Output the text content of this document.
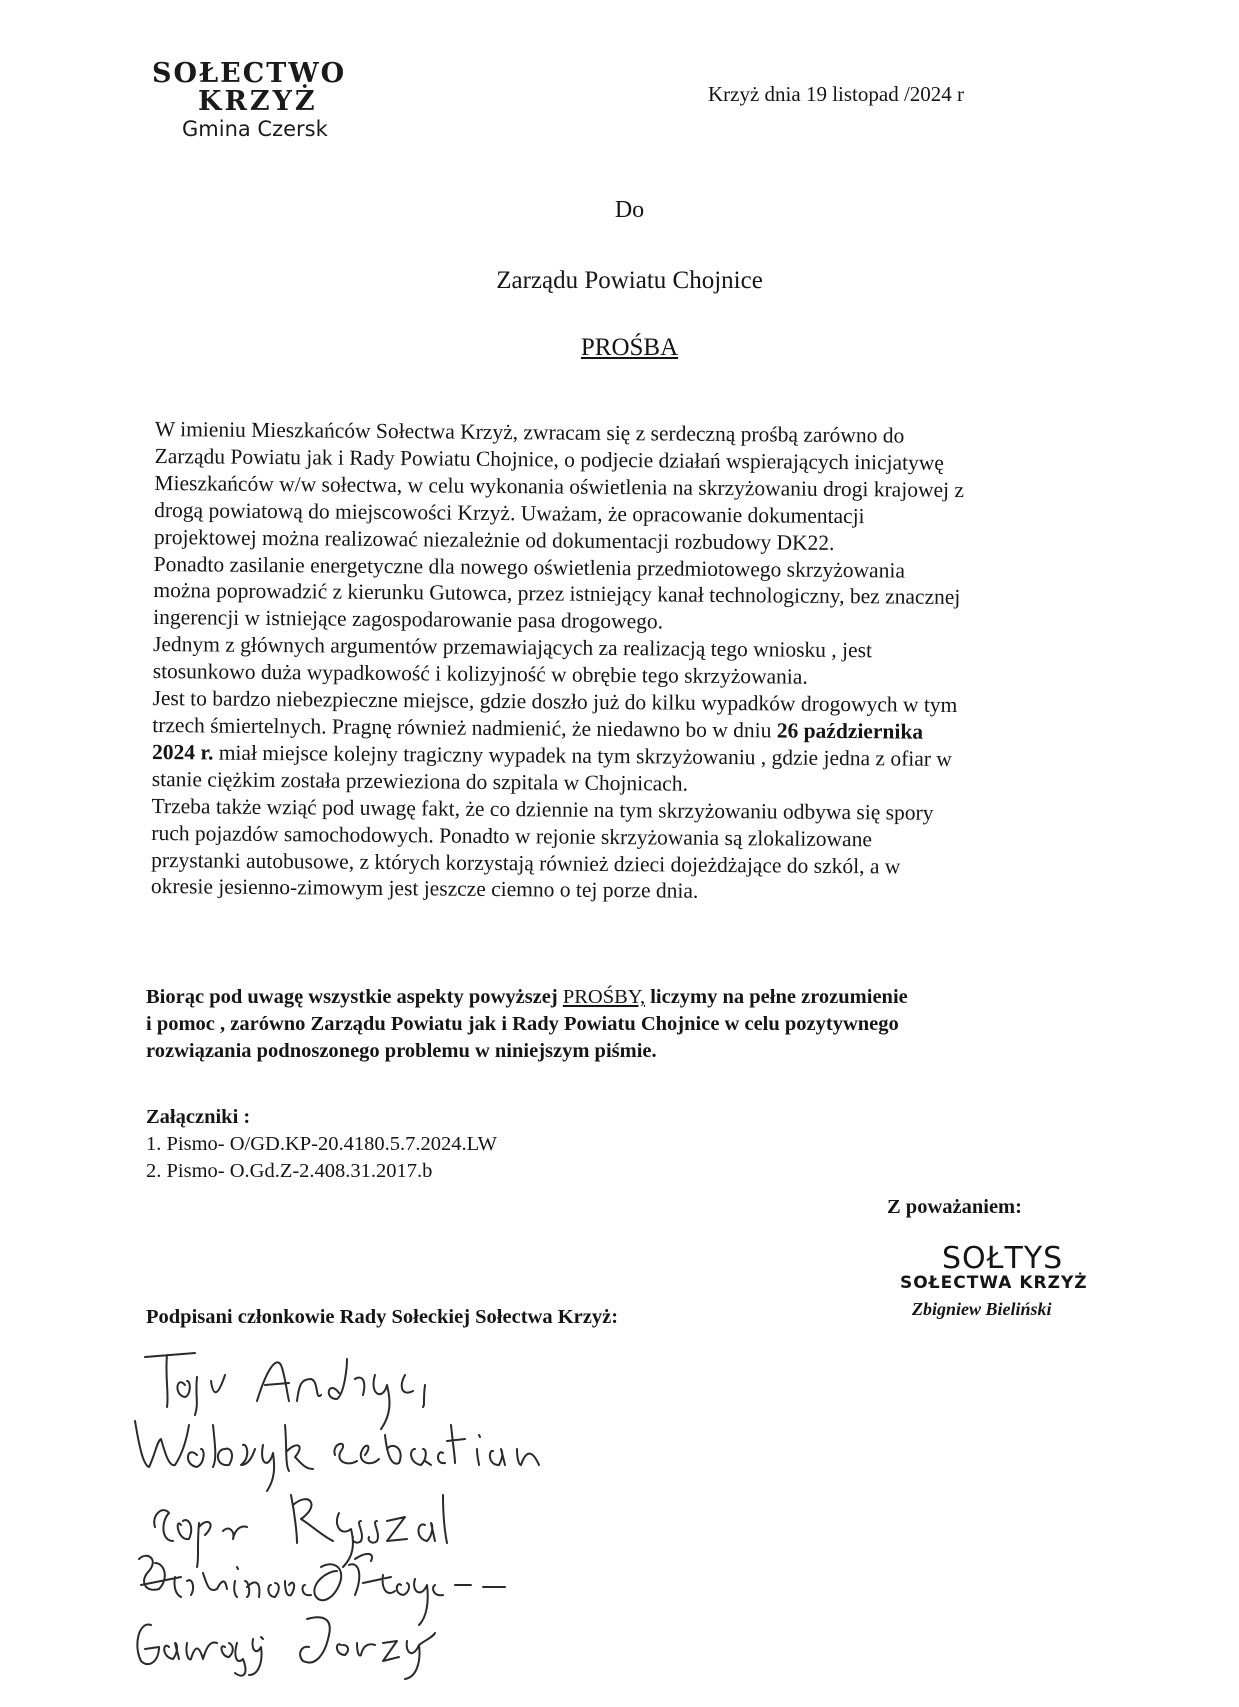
SOŁECTWO
KRZYŻ
Gmina Czersk
Krzyż dnia 19 listopad /2024 r
Do
Zarządu Powiatu Chojnice
PROŚBA

W imieniu Mieszkańców Sołectwa Krzyż, zwracam się z serdeczną prośbą zarówno do

Zarządu Powiatu jak i Rady Powiatu Chojnice, o podjecie działań wspierających inicjatywę

Mieszkańców w/w sołectwa, w celu wykonania oświetlenia na skrzyżowaniu drogi krajowej z

drogą powiatową do miejscowości Krzyż. Uważam, że opracowanie dokumentacji

projektowej można realizować niezależnie od dokumentacji rozbudowy DK22.

Ponadto zasilanie energetyczne dla nowego oświetlenia przedmiotowego skrzyżowania

można poprowadzić z kierunku Gutowca, przez istniejący kanał technologiczny, bez znacznej

ingerencji w istniejące zagospodarowanie pasa drogowego.

Jednym z głównych argumentów przemawiających za realizacją tego wniosku , jest

stosunkowo duża wypadkowość i kolizyjność w obrębie tego skrzyżowania.

Jest to bardzo niebezpieczne miejsce, gdzie doszło już do kilku wypadków drogowych w tym

trzech śmiertelnych. Pragnę również nadmienić, że niedawno bo w dniu 26 października

2024 r. miał miejsce kolejny tragiczny wypadek na tym skrzyżowaniu , gdzie jedna z ofiar w

stanie ciężkim została przewieziona do szpitala w Chojnicach.

Trzeba także wziąć pod uwagę fakt, że co dziennie na tym skrzyżowaniu odbywa się spory

ruch pojazdów samochodowych. Ponadto w rejonie skrzyżowania są zlokalizowane

przystanki autobusowe, z których korzystają również dzieci dojeżdżające do szkól, a w

okresie jesienno-zimowym jest jeszcze ciemno o tej porze dnia.

Biorąc pod uwagę wszystkie aspekty powyższej PROŚBY, liczymy na pełne zrozumienie
i pomoc , zarówno Zarządu Powiatu jak i Rady Powiatu Chojnice w celu pozytywnego
rozwiązania podnoszonego problemu w niniejszym piśmie.
Załączniki :
1. Pismo- O/GD.KP-20.4180.5.7.2024.LW
2. Pismo- O.Gd.Z-2.408.31.2017.b
Z poważaniem:
SOŁTYS
SOŁECTWA KRZYŻ
Zbigniew Bieliński
Podpisani członkowie Rady Sołeckiej Sołectwa Krzyż:
